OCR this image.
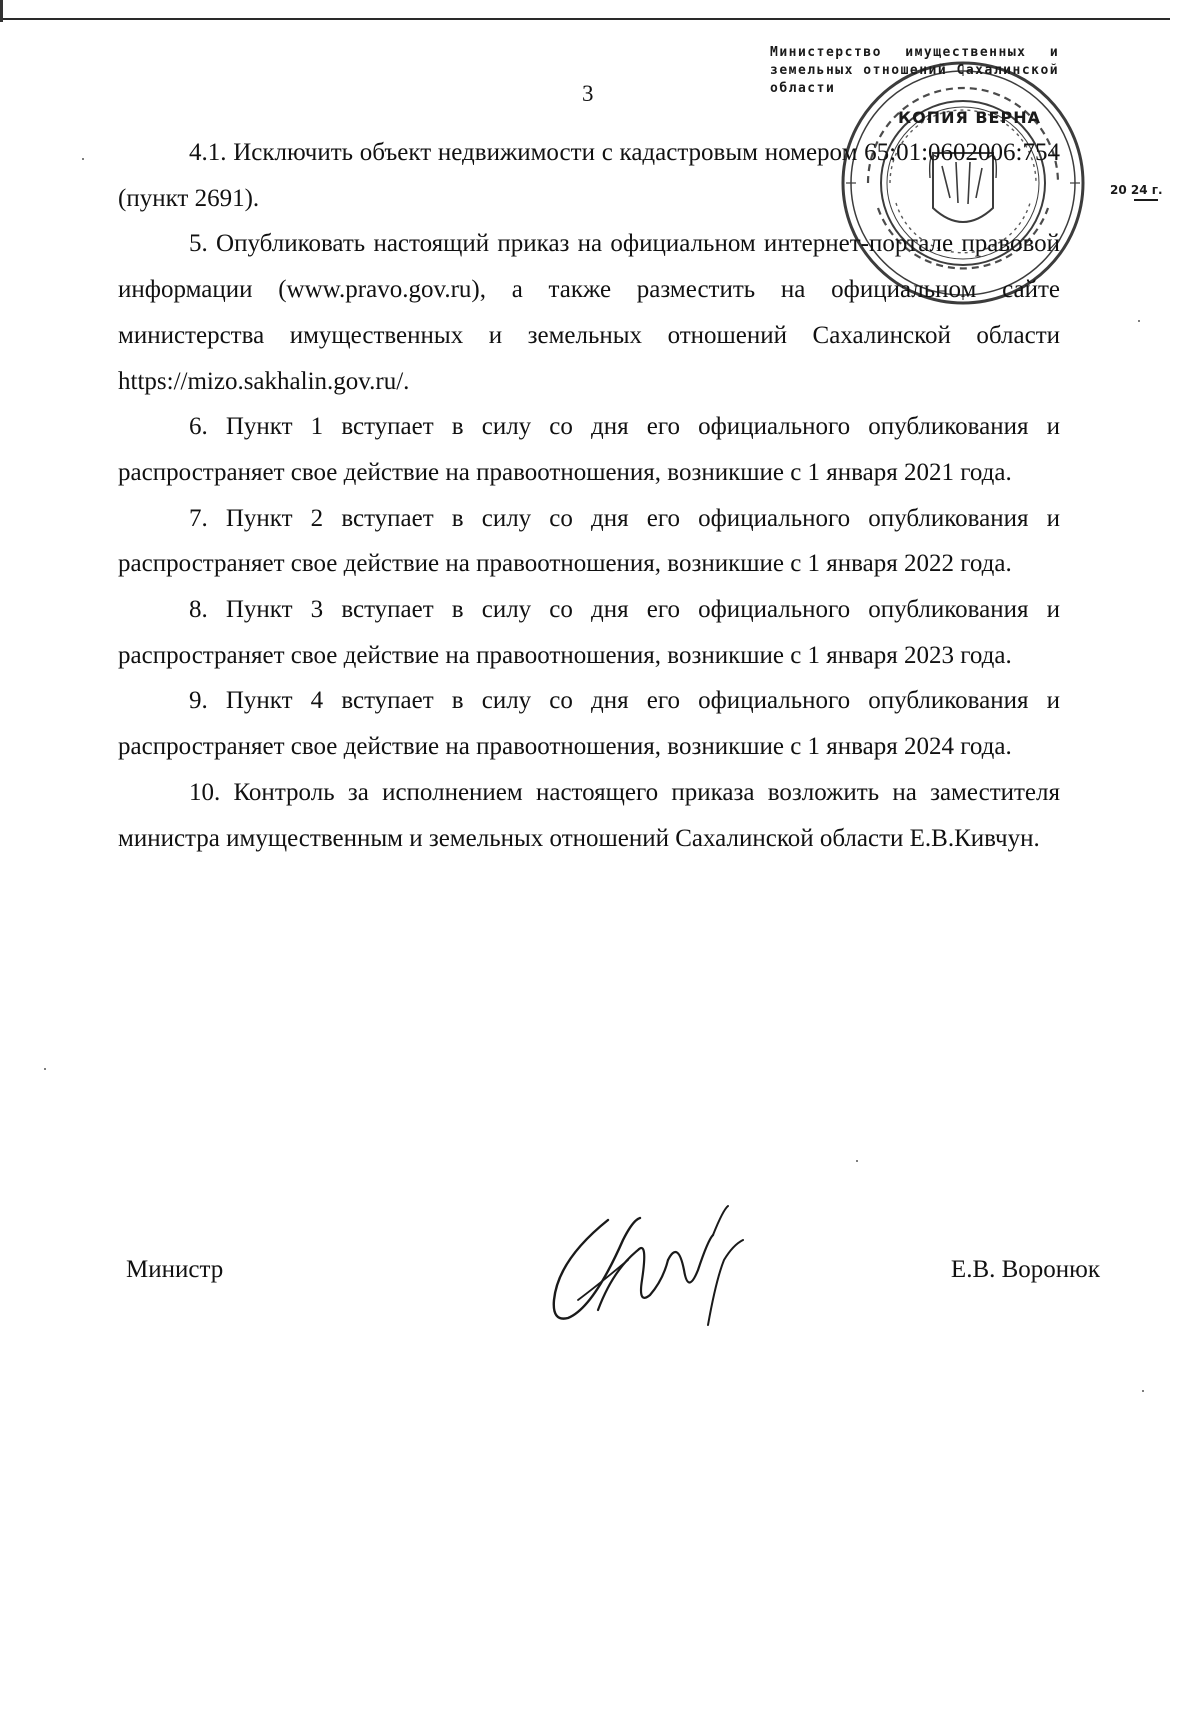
3
Министерство имущественных и
земельных отношений Сахалинской
области
КОПИЯ ВЕРНА
20 24 г.

4.1. Исключить объект недвижимости с кадастровым номером 65:01:0602006:754 (пункт 2691).

5. Опубликовать настоящий приказ на официальном интернет-портале правовой информации (www.pravo.gov.ru), а также разместить на официальном сайте министерства имущественных и земельных отношений Сахалинской области https://mizo.sakhalin.gov.ru/.

6. Пункт 1 вступает в силу со дня его официального опубликования и распространяет свое действие на правоотношения, возникшие с 1 января 2021 года.

7. Пункт 2 вступает в силу со дня его официального опубликования и распространяет свое действие на правоотношения, возникшие с 1 января 2022 года.

8. Пункт 3 вступает в силу со дня его официального опубликования и распространяет свое действие на правоотношения, возникшие с 1 января 2023 года.

9. Пункт 4 вступает в силу со дня его официального опубликования и распространяет свое действие на правоотношения, возникшие с 1 января 2024 года.

10. Контроль за исполнением настоящего приказа возложить на заместителя министра имущественным и земельных отношений Сахалинской области Е.В.Кивчун.

Министр	Е.В. Воронюк
